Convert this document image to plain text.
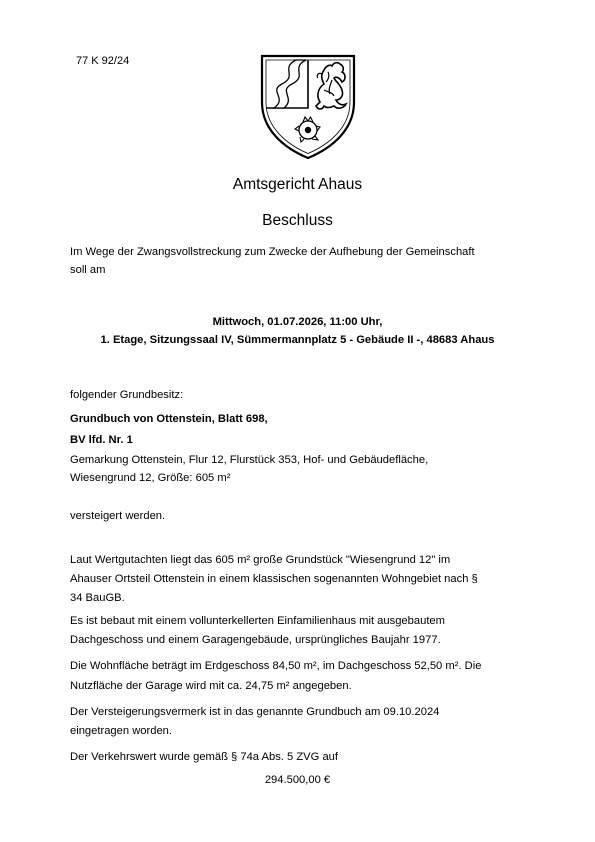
77 K 92/24
Amtsgericht Ahaus
Beschluss
Im Wege der Zwangsvollstreckung zum Zwecke der Aufhebung der Gemeinschaft
soll am
Mittwoch, 01.07.2026, 11:00 Uhr,
1. Etage, Sitzungssaal IV, Sümmermannplatz 5 - Gebäude II -, 48683 Ahaus
folgender Grundbesitz:
Grundbuch von Ottenstein, Blatt 698,
BV lfd. Nr. 1
Gemarkung Ottenstein, Flur 12, Flurstück 353, Hof- und Gebäudefläche,
Wiesengrund 12, Größe: 605 m²
versteigert werden.
Laut Wertgutachten liegt das 605 m² große Grundstück "Wiesengrund 12" im
Ahauser Ortsteil Ottenstein in einem klassischen sogenannten Wohngebiet nach §
34 BauGB.
Es ist bebaut mit einem vollunterkellerten Einfamilienhaus mit ausgebautem
Dachgeschoss und einem Garagengebäude, ursprüngliches Baujahr 1977.
Die Wohnfläche beträgt im Erdgeschoss 84,50 m², im Dachgeschoss 52,50 m². Die
Nutzfläche der Garage wird mit ca. 24,75 m² angegeben.
Der Versteigerungsvermerk ist in das genannte Grundbuch am 09.10.2024
eingetragen worden.
Der Verkehrswert wurde gemäß § 74a Abs. 5 ZVG auf
294.500,00 €
